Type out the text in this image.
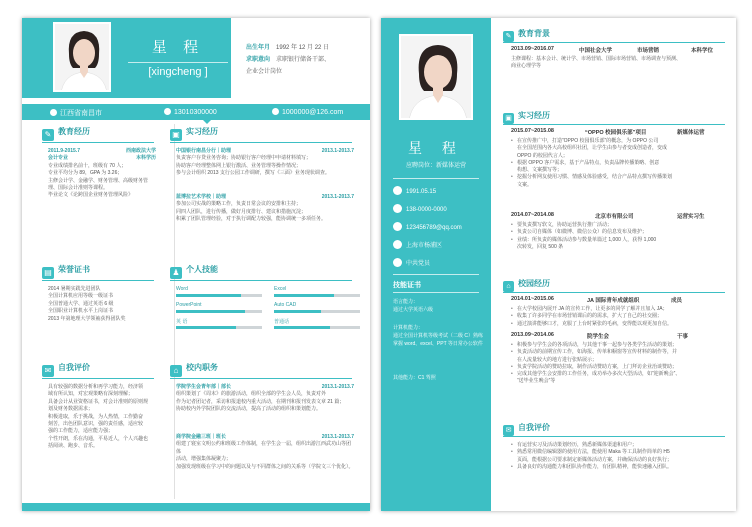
星 程
[xingcheng ]
出生年月 1992 年 12 月 22 日
求职意向 求职银行储备干部、
企业会计岗位
江西省南昌市	13010300000	1000000@126.com
✎ 教育经历
2011.9-2015.7	西南政法大学
会计专业	本科学历
专业成绩排名前十，班级有 70 人；
专业平均分为 89，GPA 为 3.26；
主修会计学、金融学、财务管理、高级财务管
理、国际会计准则等课程。
毕业论文《论跨国企业财务管理风险》
▣ 实习经历
中国银行南昌分行｜助理	2013.1-2013.7
负责客户存贷业务咨询；协助银行客户经理中申请材料填写；
协助客户经理整体网上银行激活、业务管理等操作情况；
参与会计组织 2013 支行公园工作调研，撰写《三面》业务现状调查。
蓝博拉艺术学校｜助理	2013.1-2013.7
参加公司实战的策略工作，负责日常会议的安排和主持；
同四人团队，进行传播，做好月度排行、建议和措施沉淀；
积累了团队管理经验，对于执行调配力较强，能协调统一多项任务。
▤ 荣誉证书
2014 暑期实践先进团队
全国计算机应用等级一级证书
全国普通大学、通过英语 6 级
全国职业计算机水平上岗证书
2013 年第地理大学领袖获得团队奖
♟ 个人技能
✉ 自我评价
具有较强的数据分析和再学习能力，经济领
域有所认知，对宏观策略有深刻理解；
具备会计从业资格证书，对会计准则的原则规
划及财务数据需求；
积极进取，乐于挑战，为人热情，工作勤奋
刻苦，出色团队意识，强的责任感，适应较
强的工作能力，适应能力强；
个性开朗，乐在沟通，平易近人，个人兴趣也
括阅读、跑步、音乐。
⌂ 校内职务
学院学生会青年部｜部长	2013.1-2013.7
组织策划了《周末》的旅游活动，组织全部的学生会人员，负责对外
作为记者团记者，采访和报道校内重大活动，在期刊和报刊发表文章 21 篇；
协助校内外学院团队的交流活动，提高了活动的组织和策划能力。
商学院金融三班｜班长	2013.1-2013.7
组建了寝室文明公约和班级工作体制，在学生会一届，组织出游江西武功山等团体
活动，增强集体凝聚力；
加强发现班级在学习中的问题以及与不同群体之间的关系等（学院文三个优化）。
Word	Excel
PowerPoint	Auto CAD
英 语	普通话
星 程
应聘岗位：新媒体运营
1991.05.15
138-0000-0000
123456789@qq.com
上海市杨浦区
中共党员
技能证书
语言能力：
通过大学英语六级
计算机能力：
通过全国计算机等级考试（二级 C）熟练掌握 word、excel、PPT 等日常办公软件
其他能力：C1 驾照
✎ 教育背景
2013.09~2016.07	中国社会大学	市场营销	本科学位
主修课程：基本会计、统计学、市场营销、国际市场营销、市场调查与预测、
商业心理学等
▣ 实习经历
2015.07~2015.08	“OPPO 校园俱乐部”项目	新媒体运营
• 在宣传推广中，打造“OPPO 校园俱乐部”的概念，为 OPPO 公司
在全国范围内各大高校组织社团，让学生由参与者变成创造者，变成
OPPO 的校园代言人；
• 根据 OPPO 客户需求，基于产品特点，负责品牌传播策略、创意
构想、文案撰写等；
• 挖掘分析网友使用习惯、情感及体验感受，结合产品特点撰写传播策划
文案。
2014.07~2014.08	北京市有限公司	运营实习生
• 要负责撰写软文，协助运营执行推广活动；
• 负责公司自媒体（如微博、微信公众）的信息发布及维护；
• 业绩：所负责的媒体活动参与数量单篇过 1,000 人，获得 1,000
次转发，回复 500 条
⌂ 校园经历
2014.01~2015.06	JA 国际青年成就组织	成员
• 在大学校园内展开 JA 的宣传工作，让更多的同学了解并且加入 JA；
• 收集了许多同学在市场营销课后的的需求，扩大了自己的社交圈；
• 通过演讲能够口才，克服了上台时紧张的毛病，变得能以观更加自信。
2013.09~2014.06	院学生会	干事
• 积极参与学生会的各项活动，与其他干事一起参与各类学生活动的策划；
• 负责活动的前期宣传工作，如海报、传单和橱窗等宣传材料的制作等，并
在人流量较大的地方进行张贴展示；
• 负责学院活动的赞助拉取，制作活动赞助方案，上门拜访企业治谈赞助；
• 完成其他学生会安排的工作任务，成功举办多次大型活动，如“迎新晚会”、
“送毕业生晚会”等
✉ 自我评价
• 有运营实习及活动策划经历，熟悉新媒体渠道和用户；
• 熟悉常用微信编辑器的使用方法，能使用 Maka 等工具制作简单的 H5
页面，能根据公司要求制定新媒体活动方案，并确保活动的良好执行；
• 具备良好的沟通能力和团队协作能力，有团队精神，能快速融入团队。
